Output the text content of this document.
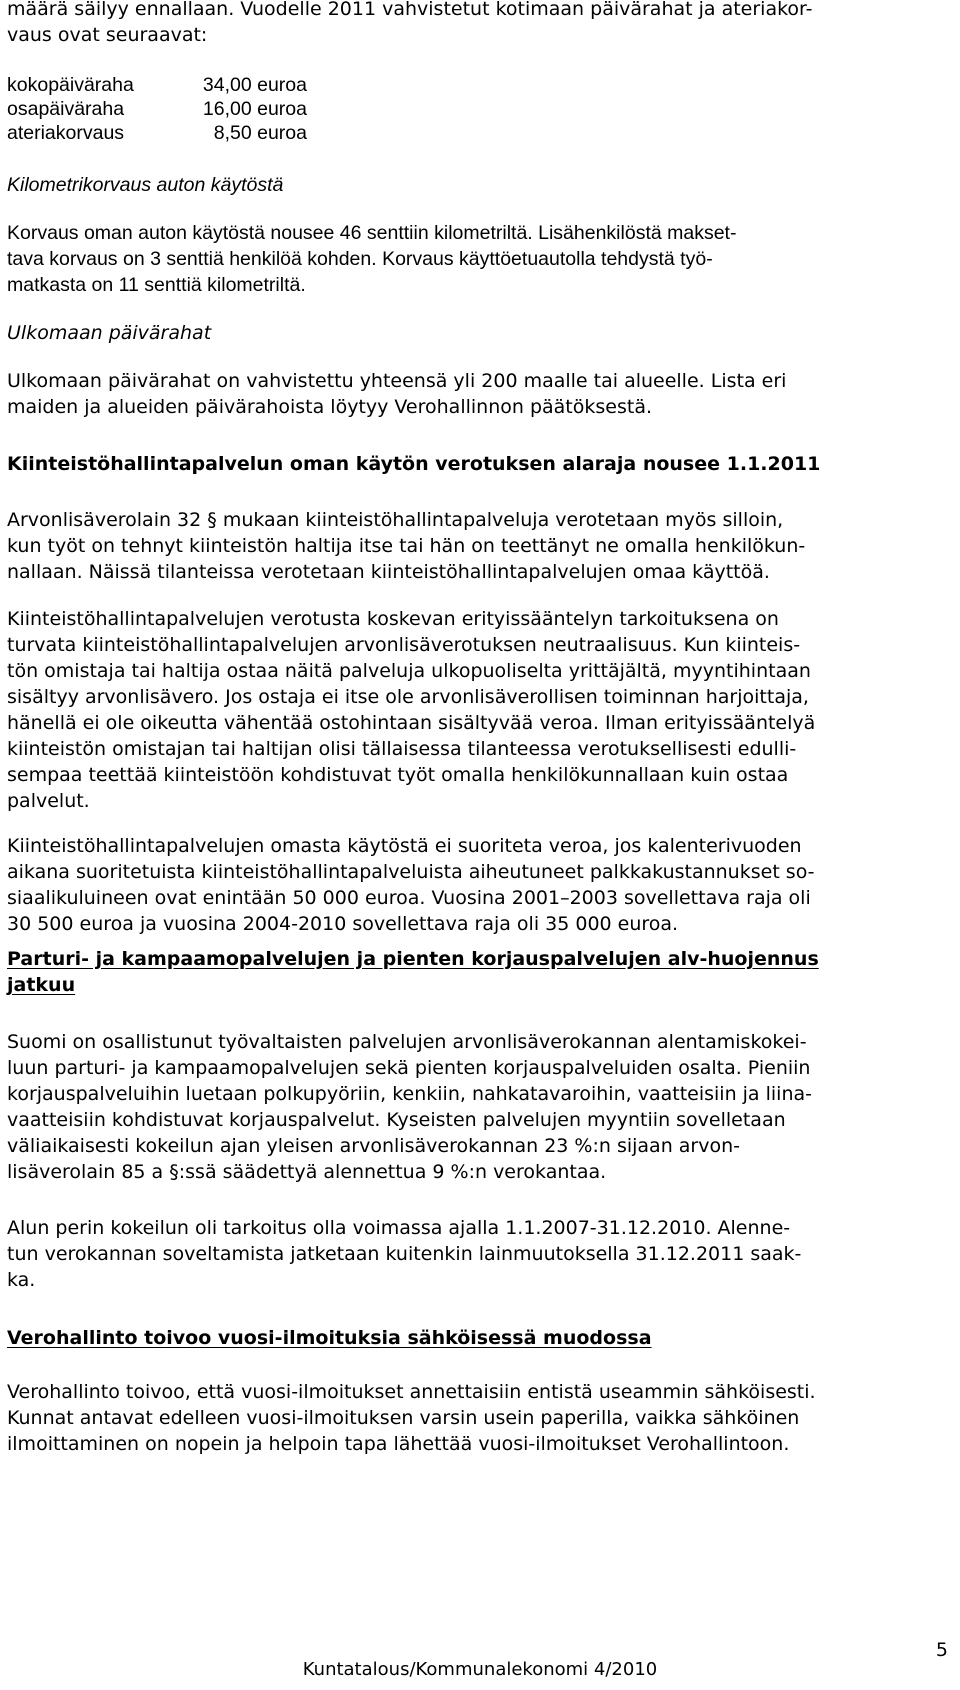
määrä säilyy ennallaan. Vuodelle 2011 vahvistetut kotimaan päivärahat ja ateriakor-
vaus ovat seuraavat:
kokopäiväraha	34,00 euroa
osapäiväraha	16,00 euroa
ateriakorvaus	8,50 euroa
Kilometrikorvaus auton käytöstä
Korvaus oman auton käytöstä nousee 46 senttiin kilometriltä. Lisähenkilöstä makset-
tava korvaus on 3 senttiä henkilöä kohden. Korvaus käyttöetuautolla tehdystä työ-
matkasta on 11 senttiä kilometriltä.
Ulkomaan päivärahat
Ulkomaan päivärahat on vahvistettu yhteensä yli 200 maalle tai alueelle. Lista eri
maiden ja alueiden päivärahoista löytyy Verohallinnon päätöksestä.
Kiinteistöhallintapalvelun oman käytön verotuksen alaraja nousee 1.1.2011
Arvonlisäverolain 32 § mukaan kiinteistöhallintapalveluja verotetaan myös silloin,
kun työt on tehnyt kiinteistön haltija itse tai hän on teettänyt ne omalla henkilökun-
nallaan. Näissä tilanteissa verotetaan kiinteistöhallintapalvelujen omaa käyttöä.
Kiinteistöhallintapalvelujen verotusta koskevan erityissääntelyn tarkoituksena on
turvata kiinteistöhallintapalvelujen arvonlisäverotuksen neutraalisuus. Kun kiinteis-
tön omistaja tai haltija ostaa näitä palveluja ulkopuoliselta yrittäjältä, myyntihintaan
sisältyy arvonlisävero. Jos ostaja ei itse ole arvonlisäverollisen toiminnan harjoittaja,
hänellä ei ole oikeutta vähentää ostohintaan sisältyvää veroa. Ilman erityissääntelyä
kiinteistön omistajan tai haltijan olisi tällaisessa tilanteessa verotuksellisesti edulli-
sempaa teettää kiinteistöön kohdistuvat työt omalla henkilökunnallaan kuin ostaa
palvelut.
Kiinteistöhallintapalvelujen omasta käytöstä ei suoriteta veroa, jos kalenterivuoden
aikana suoritetuista kiinteistöhallintapalveluista aiheutuneet palkkakustannukset so-
siaalikuluineen ovat enintään 50 000 euroa. Vuosina 2001–2003 sovellettava raja oli
30 500 euroa ja vuosina 2004-2010 sovellettava raja oli 35 000 euroa.
Parturi- ja kampaamopalvelujen ja pienten korjauspalvelujen alv-huojennus
jatkuu
Suomi on osallistunut työvaltaisten palvelujen arvonlisäverokannan alentamiskokei-
luun parturi- ja kampaamopalvelujen sekä pienten korjauspalveluiden osalta. Pieniin
korjauspalveluihin luetaan polkupyöriin, kenkiin, nahkatavaroihin, vaatteisiin ja liina-
vaatteisiin kohdistuvat korjauspalvelut. Kyseisten palvelujen myyntiin sovelletaan
väliaikaisesti kokeilun ajan yleisen arvonlisäverokannan 23 %:n sijaan arvon-
lisäverolain 85 a §:ssä säädettyä alennettua 9 %:n verokantaa.
Alun perin kokeilun oli tarkoitus olla voimassa ajalla 1.1.2007-31.12.2010. Alenne-
tun verokannan soveltamista jatketaan kuitenkin lainmuutoksella 31.12.2011 saak-
ka.
Verohallinto toivoo vuosi-ilmoituksia sähköisessä muodossa
Verohallinto toivoo, että vuosi-ilmoitukset annettaisiin entistä useammin sähköisesti.
Kunnat antavat edelleen vuosi-ilmoituksen varsin usein paperilla, vaikka sähköinen
ilmoittaminen on nopein ja helpoin tapa lähettää vuosi-ilmoitukset Verohallintoon.
5
Kuntatalous/Kommunalekonomi 4/2010
